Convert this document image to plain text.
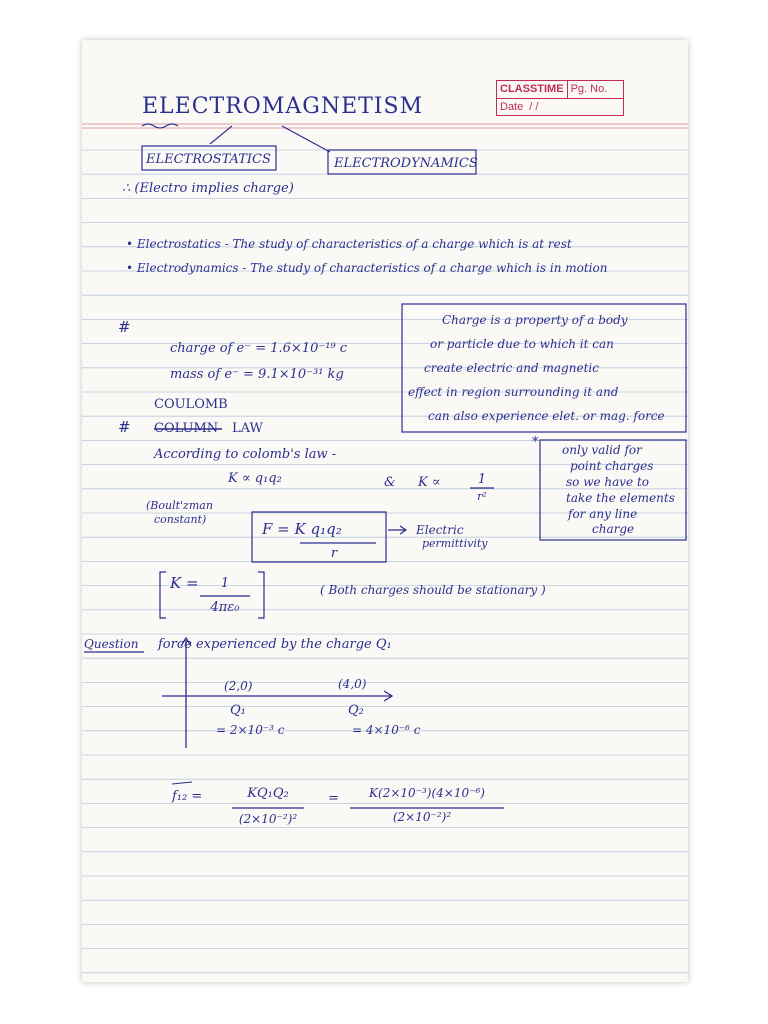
CLASSTIME Pg. No.
Date / /
ELECTROMAGNETISM
ELECTROSTATICS	ELECTRODYNAMICS
∴ (Electro implies charge)
• Electrostatics - The study of characteristics of a charge which is at rest
• Electrodynamics - The study of characteristics of a charge which is in motion
#
charge of e⁻ = 1.6×10⁻¹⁹ c
mass of e⁻ = 9.1×10⁻³¹ kg
Charge is a property of a body
or particle due to which it can
create electric and magnetic
effect in region surrounding it and
can also experience elet. or mag. force
COULOMB
# COLUMN LAW
According to colomb's law -
K ∝ q₁q₂	& K ∝	1
r²
* only valid for
point charges
so we have to
take the elements
for any line
charge
(Boult'zman
constant)
F = K q₁q₂
r
Electric
permittivity
K =	1
4πε₀
( Both charges should be stationary )
Question force experienced by the charge Q₁
(2,0)	(4,0)
Q₁	Q₂
= 2×10⁻³ c	= 4×10⁻⁶ c
f₁₂ =	KQ₁Q₂
(2×10⁻²)²
=	K(2×10⁻³)(4×10⁻⁶)
(2×10⁻²)²
